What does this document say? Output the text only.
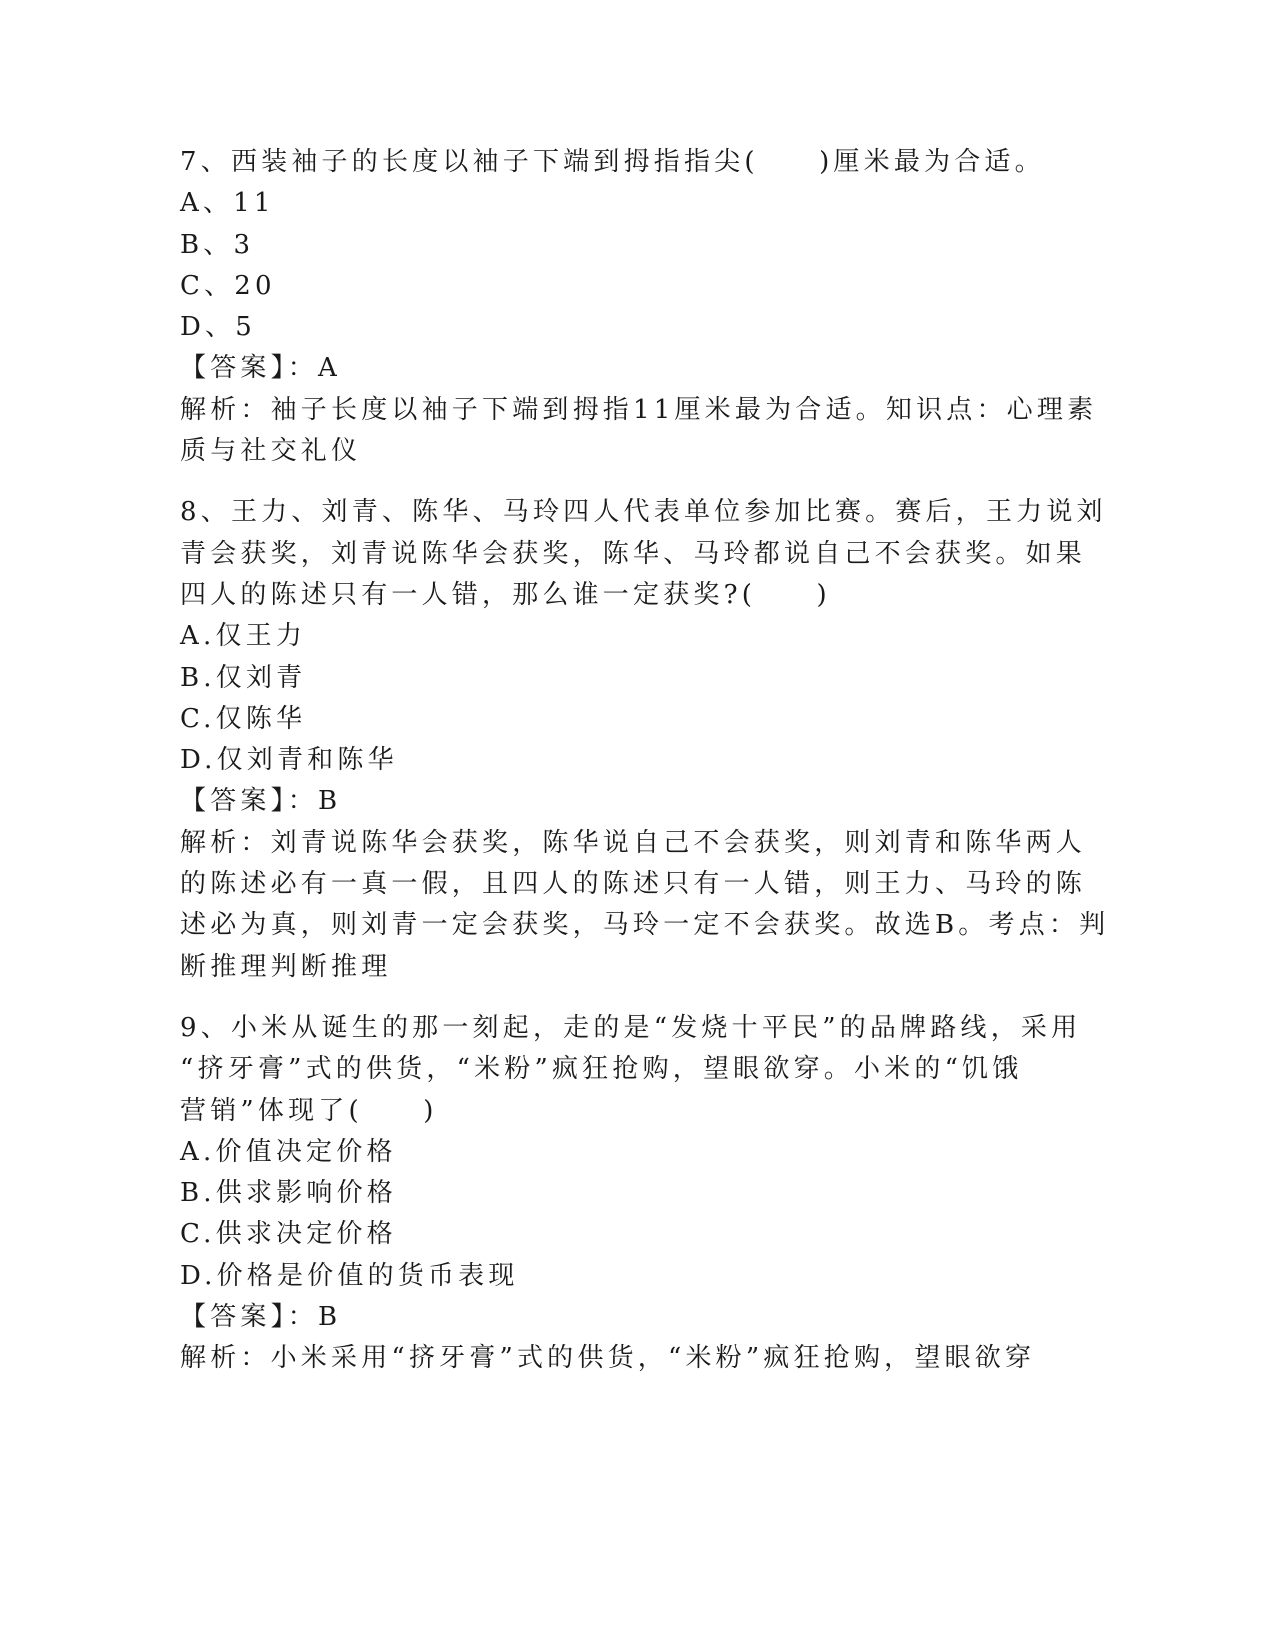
7、西装袖子的长度以袖子下端到拇指指尖(　　)厘米最为合适。

A、11

B、3

C、20

D、5

【答案】：A

解析：袖子长度以袖子下端到拇指11厘米最为合适。知识点：心理素

质与社交礼仪

8、王力、刘青、陈华、马玲四人代表单位参加比赛。赛后，王力说刘

青会获奖，刘青说陈华会获奖，陈华、马玲都说自己不会获奖。如果

四人的陈述只有一人错，那么谁一定获奖?(　　)

A.仅王力

B.仅刘青

C.仅陈华

D.仅刘青和陈华

【答案】：B

解析：刘青说陈华会获奖，陈华说自己不会获奖，则刘青和陈华两人

的陈述必有一真一假，且四人的陈述只有一人错，则王力、马玲的陈

述必为真，则刘青一定会获奖，马玲一定不会获奖。故选B。考点：判

断推理判断推理

9、小米从诞生的那一刻起，走的是“发烧十平民”的品牌路线，采用

“挤牙膏”式的供货，“米粉”疯狂抢购，望眼欲穿。小米的“饥饿

营销”体现了(　　)

A.价值决定价格

B.供求影响价格

C.供求决定价格

D.价格是价值的货币表现

【答案】：B

解析：小米采用“挤牙膏”式的供货，“米粉”疯狂抢购，望眼欲穿
